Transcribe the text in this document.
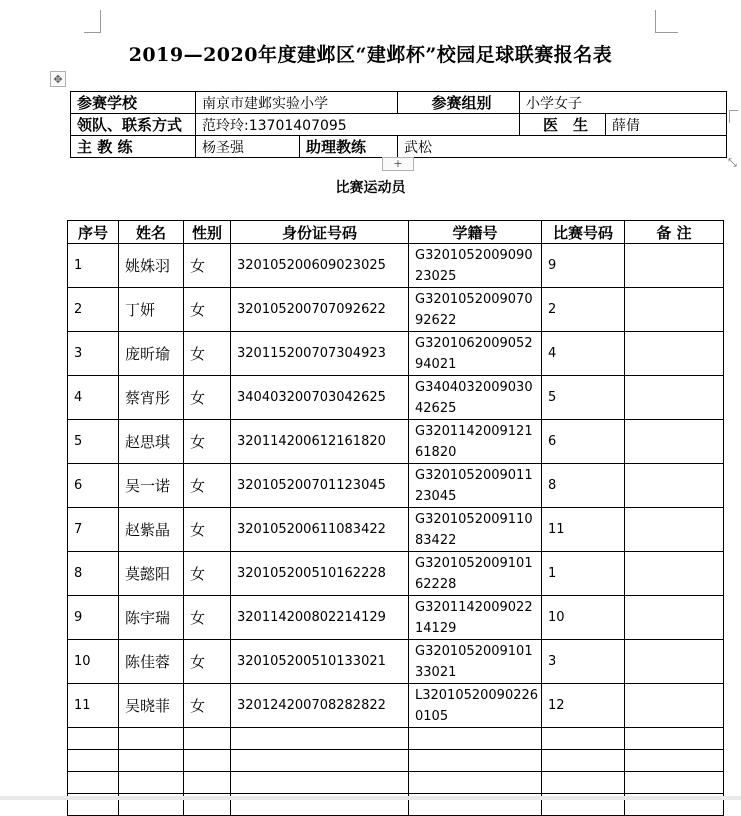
2019—2020年度建邺区“建邺杯”校园足球联赛报名表
✥
参赛学校	南京市建邺实验小学		参赛组别	小学女子	
领队、联系方式	范玲玲:13701407095			医　生	薛倩
主 教 练	杨圣强	助理教练	武松		
+	⤡
比赛运动员
序号	姓名	性别	身份证号码	学籍号	比赛号码	备 注
1	姚姝羽	女	320105200609023025	G320105200909023025	9	
2	丁妍	女	320105200707092622	G320105200907092622	2	
3	庞昕瑜	女	320115200707304923	G320106200905294021	4	
4	蔡宵彤	女	340403200703042625	G340403200903042625	5	
5	赵思琪	女	320114200612161820	G320114200912161820	6	
6	吴一诺	女	320105200701123045	G320105200901123045	8	
7	赵紫晶	女	320105200611083422	G320105200911083422	11	
8	莫懿阳	女	320105200510162228	G320105200910162228	1	
9	陈宇瑞	女	320114200802214129	G320114200902214129	10	
10	陈佳蓉	女	320105200510133021	G320105200910133021	3	
11	吴晓菲	女	320124200708282822	L320105200902260105	12	
